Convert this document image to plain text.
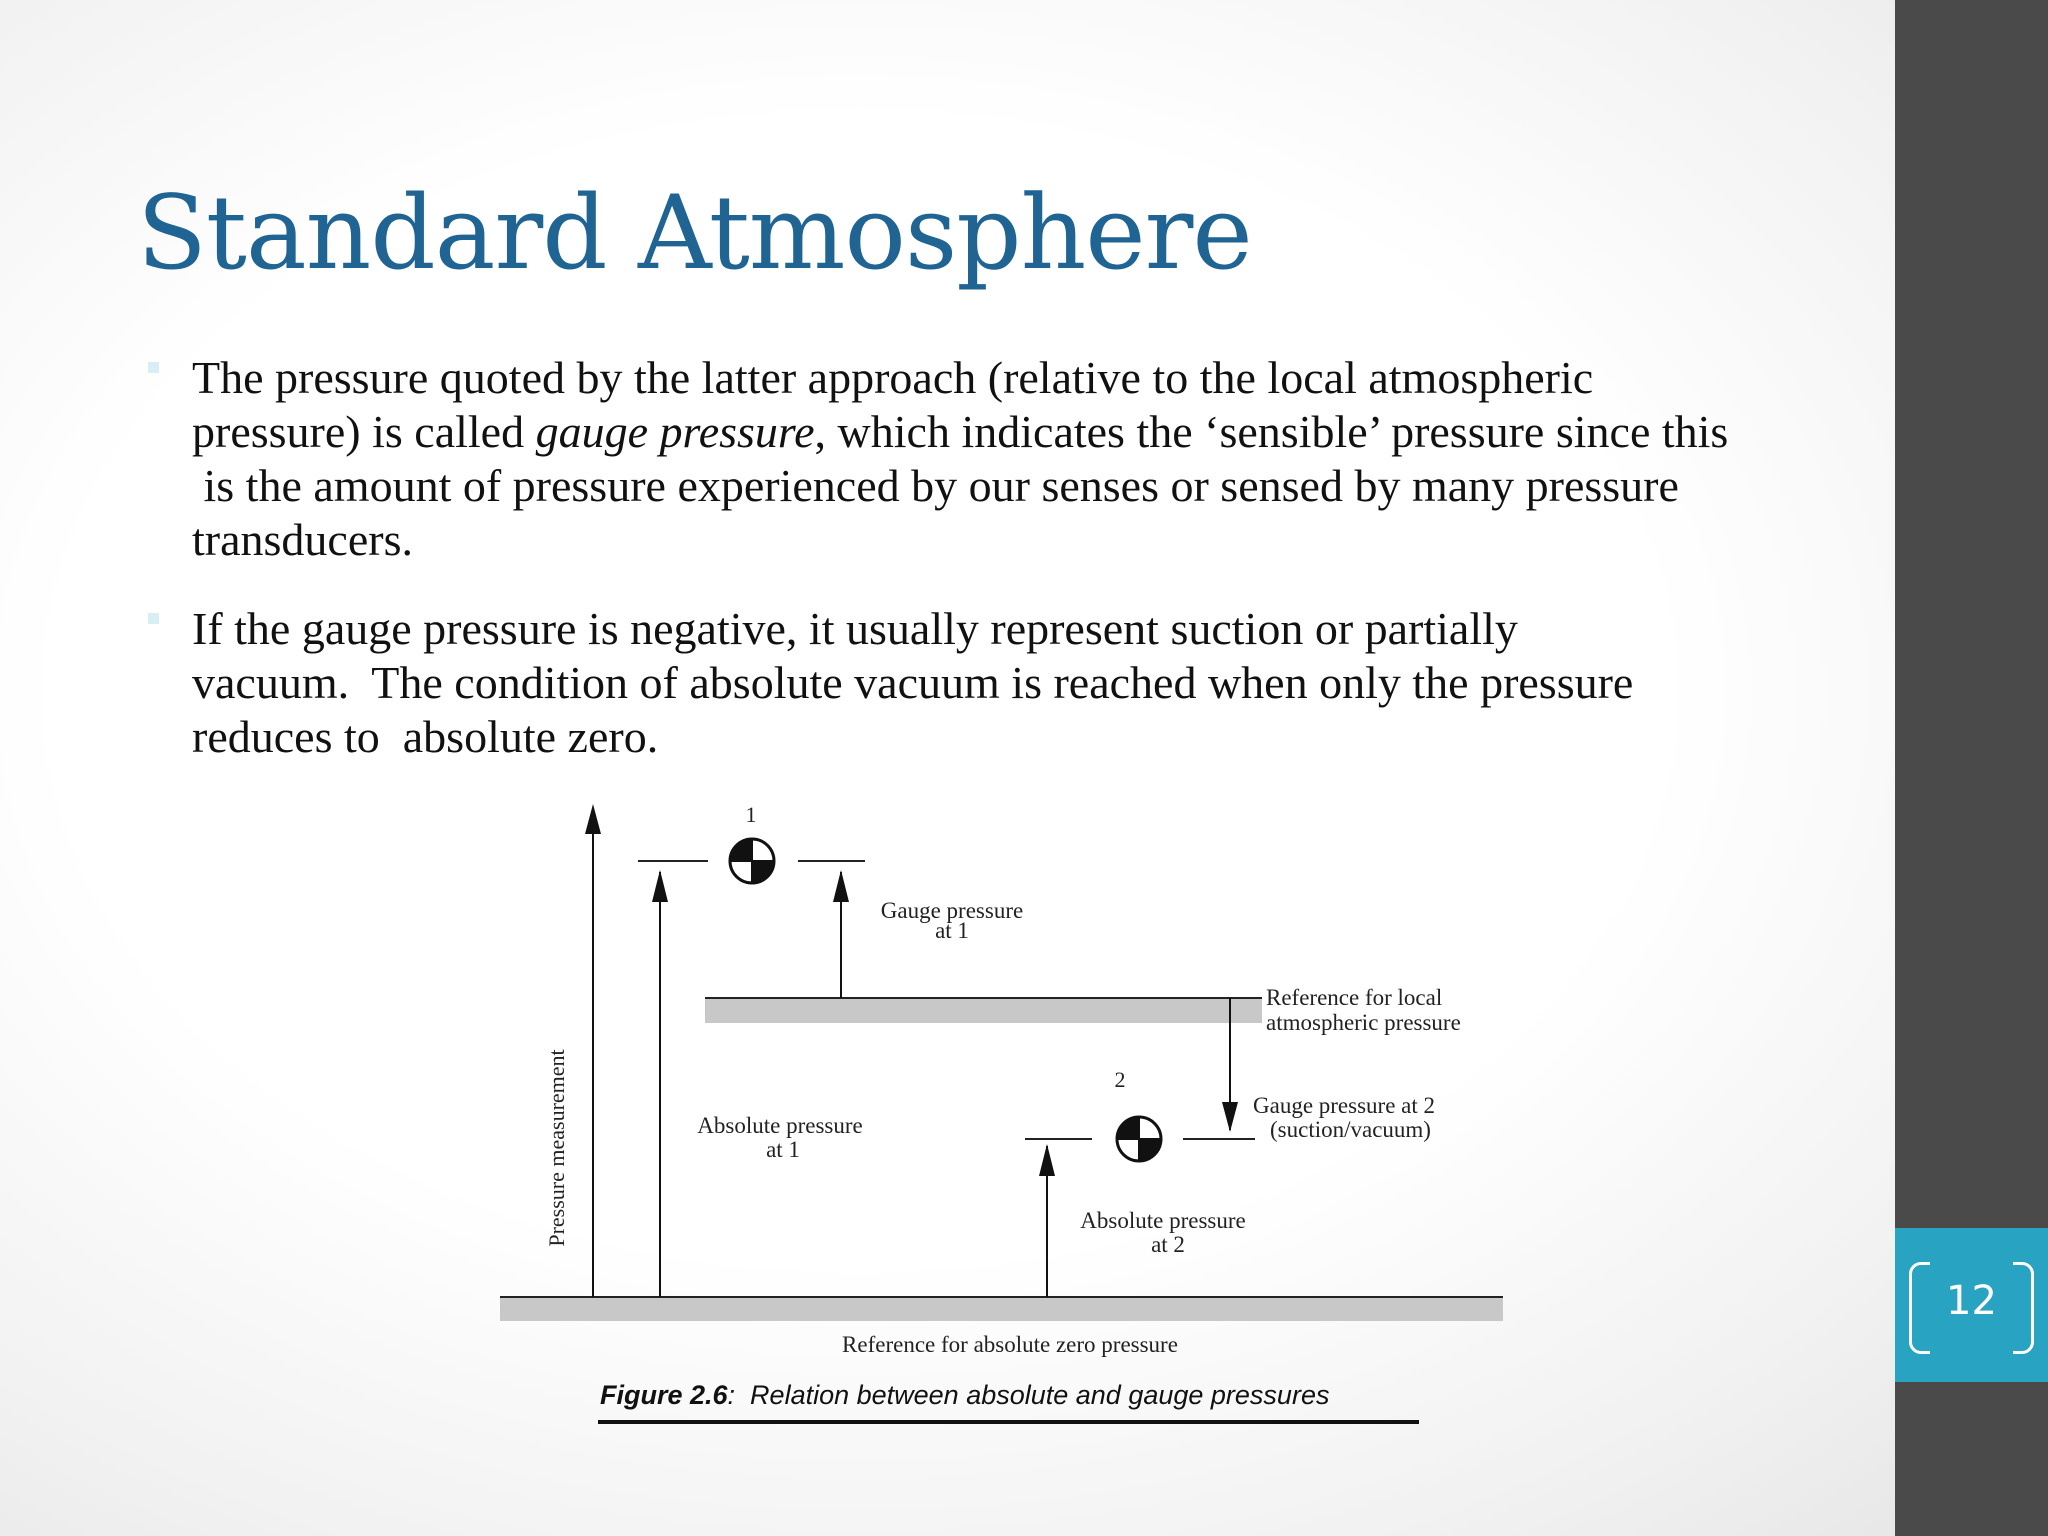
Standard Atmosphere

The pressure quoted by the latter approach (relative to the local atmospheric
pressure) is called gauge pressure, which indicates the ‘sensible’ pressure since this
is the amount of pressure experienced by our senses or sensed by many pressure
transducers.

If the gauge pressure is negative, it usually represent suction or partially
vacuum.  The condition of absolute vacuum is reached when only the pressure
reduces to  absolute zero.

1
2
Pressure measurement
Gauge pressure
at 1
Reference for local
atmospheric pressure
Gauge pressure at 2
(suction/vacuum)
Absolute pressure
at 1
Absolute pressure
at 2
Reference for absolute zero pressure
Figure 2.6:  Relation between absolute and gauge pressures
12
